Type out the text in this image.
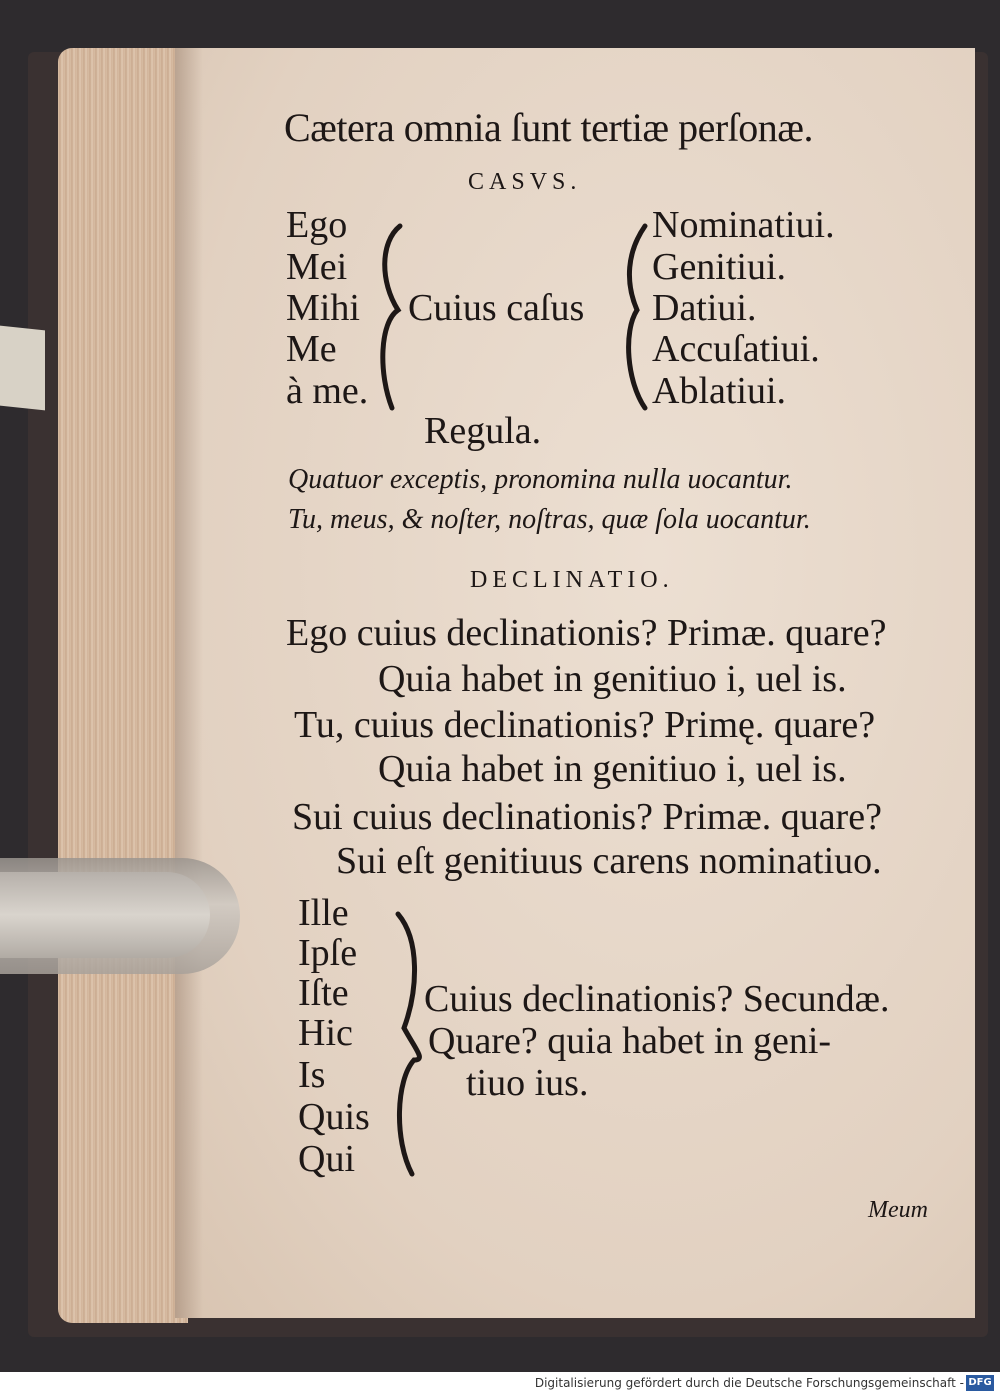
Cætera omnia ſunt tertiæ perſonæ.
CASVS.
Ego
Mei
Mihi
Me
à me.
Cuius caſus
Nominatiui.
Genitiui.
Datiui.
Accuſatiui.
Ablatiui.
Regula.
Quatuor exceptis, pronomina nulla uocantur.
Tu, meus, & noſter, noſtras, quæ ſola uocantur.
DECLINATIO.
Ego cuius declinationis? Primæ. quare?
Quia habet in genitiuo i, uel is.
Tu, cuius declinationis? Primę. quare?
Quia habet in genitiuo i, uel is.
Sui cuius declinationis? Primæ. quare?
Sui eſt genitiuus carens nominatiuo.
Ille
Ipſe
Iſte
Hic
Is
Quis
Qui
Cuius declinationis? Secundæ.
Quare? quia habet in geni-
tiuo ius.
Meum
Digitalisierung gefördert durch die Deutsche Forschungsgemeinschaft - DFG
